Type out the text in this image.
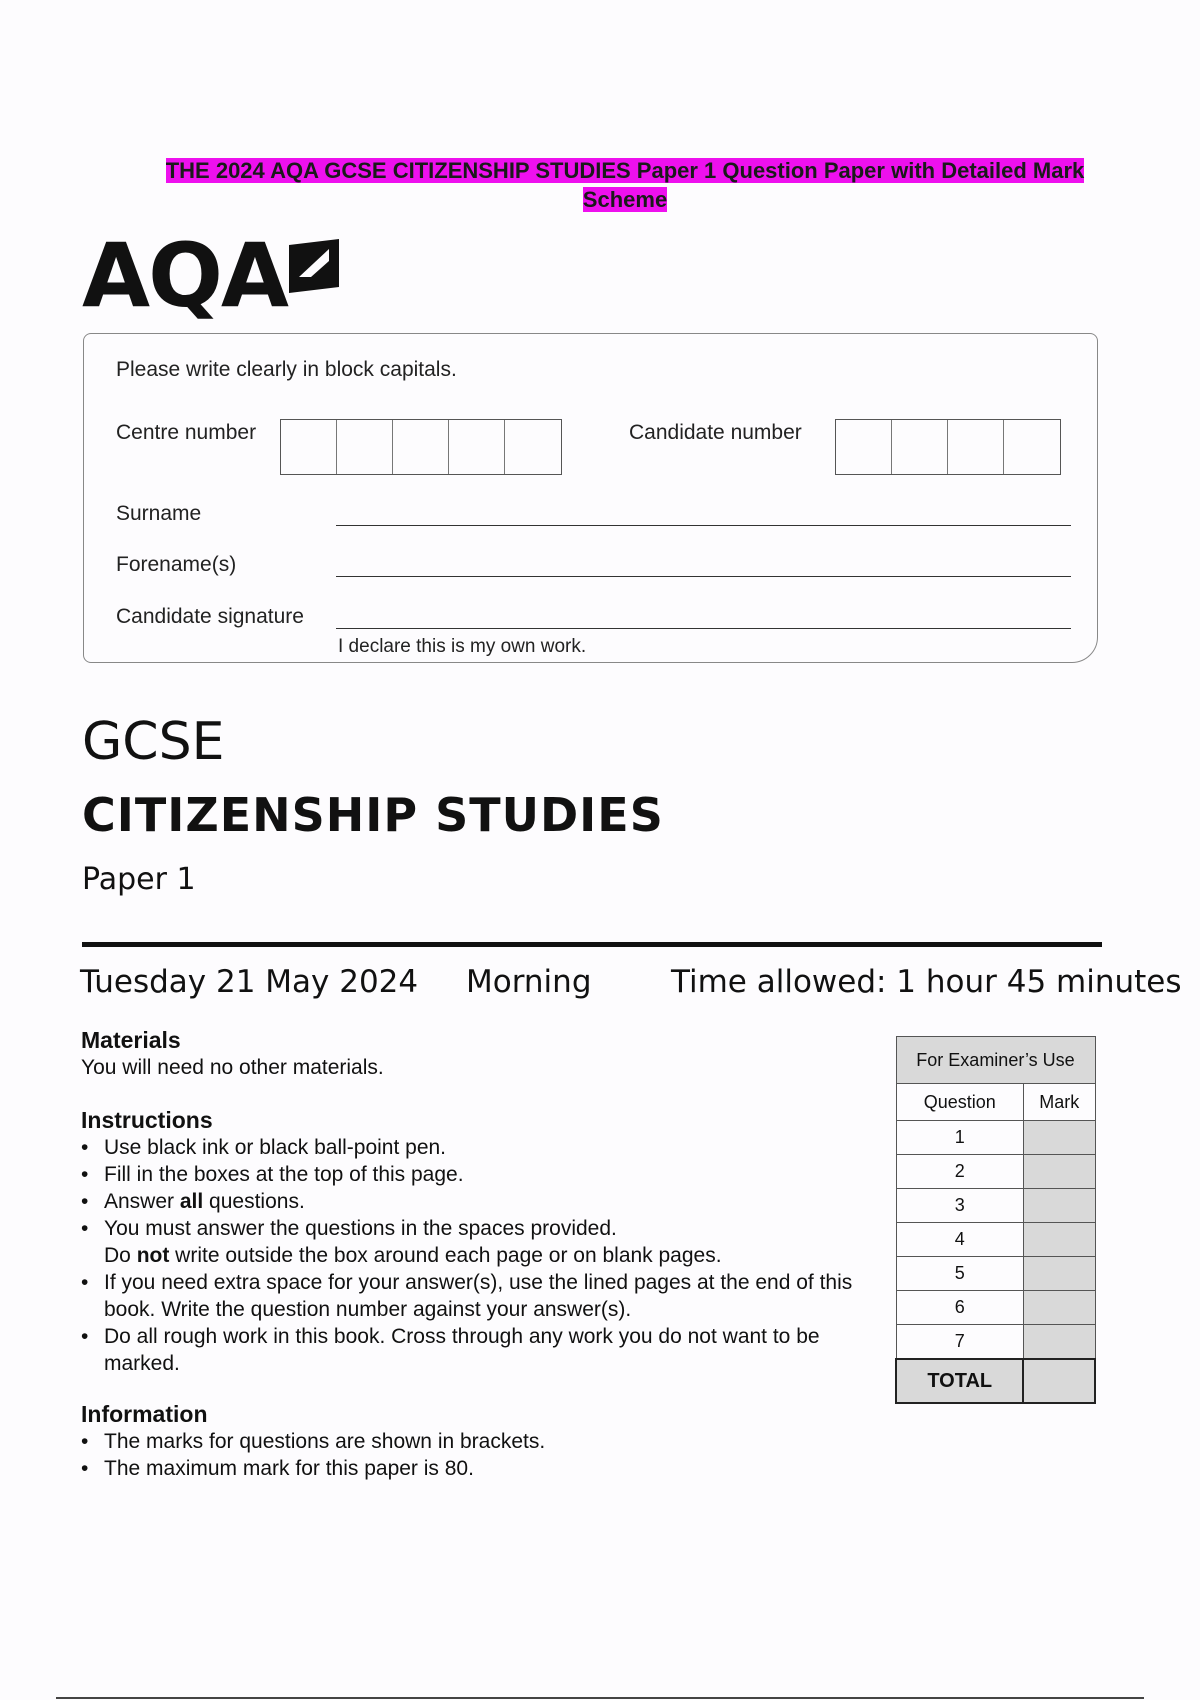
THE 2024 AQA GCSE CITIZENSHIP STUDIES Paper 1 Question Paper with Detailed Mark
Scheme
AQA
Please write clearly in block capitals.
Centre number	Candidate number
Surname
Forename(s)
Candidate signature
I declare this is my own work.
GCSE
CITIZENSHIP STUDIES
Paper 1
Tuesday 21 May 2024 Morning	Time allowed: 1 hour 45 minutes
Materials
You will need no other materials.
Instructions
• Use black ink or black ball-point pen.
• Fill in the boxes at the top of this page.
• Answer all questions.
• You must answer the questions in the spaces provided.
Do not write outside the box around each page or on blank pages.
• If you need extra space for your answer(s), use the lined pages at the end of this book. Write the question number against your answer(s).
• Do all rough work in this book. Cross through any work you do not want to be marked.
Information
• The marks for questions are shown in brackets.
• The maximum mark for this paper is 80.
For Examiner’s Use	
Question	Mark
1	
2	
3	
4	
5	
6	
7	
TOTAL	
